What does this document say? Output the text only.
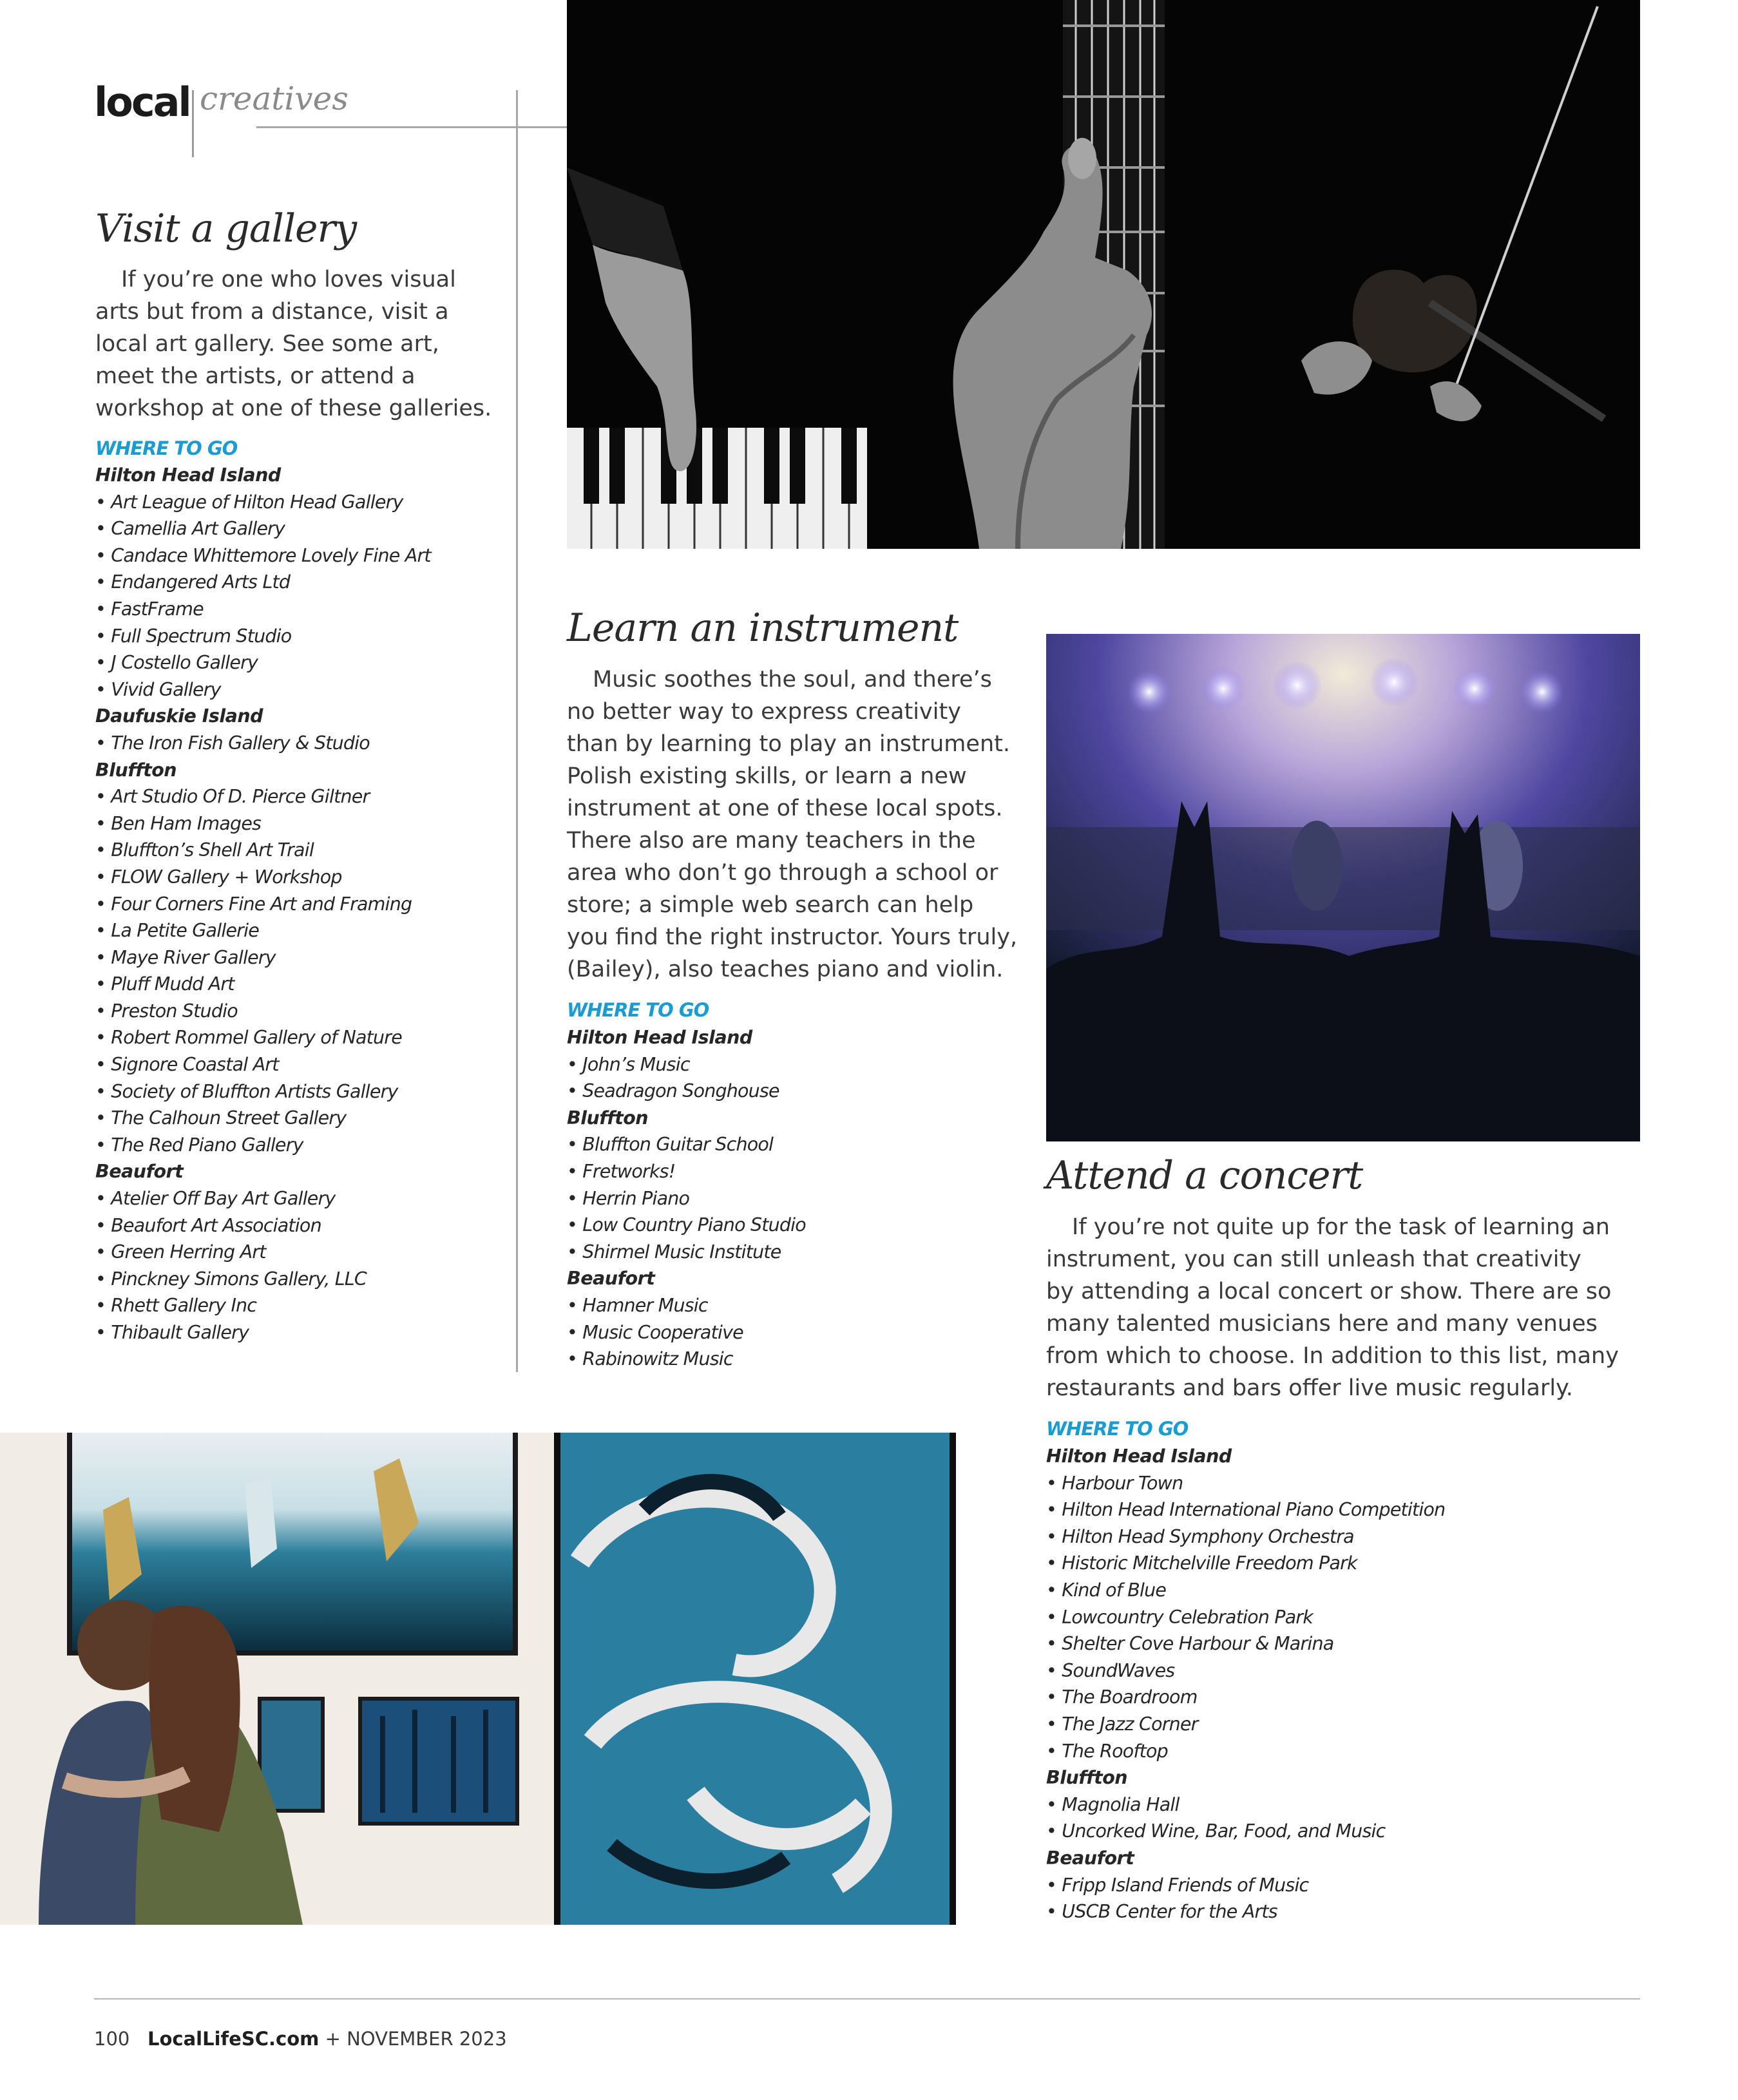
local creatives
Visit a gallery
If you’re one who loves visual
arts but from a distance, visit a
local art gallery. See some art,
meet the artists, or attend a
workshop at one of these galleries.
WHERE TO GO
Hilton Head Island
• Art League of Hilton Head Gallery
• Camellia Art Gallery
• Candace Whittemore Lovely Fine Art
• Endangered Arts Ltd
• FastFrame
• Full Spectrum Studio
• J Costello Gallery
• Vivid Gallery
Daufuskie Island
• The Iron Fish Gallery & Studio
Bluffton
• Art Studio Of D. Pierce Giltner
• Ben Ham Images
• Bluffton’s Shell Art Trail
• FLOW Gallery + Workshop
• Four Corners Fine Art and Framing
• La Petite Gallerie
• Maye River Gallery
• Pluff Mudd Art
• Preston Studio
• Robert Rommel Gallery of Nature
• Signore Coastal Art
• Society of Bluffton Artists Gallery
• The Calhoun Street Gallery
• The Red Piano Gallery
Beaufort
• Atelier Off Bay Art Gallery
• Beaufort Art Association
• Green Herring Art
• Pinckney Simons Gallery, LLC
• Rhett Gallery Inc
• Thibault Gallery
Learn an instrument
Music soothes the soul, and there’s
no better way to express creativity
than by learning to play an instrument.
Polish existing skills, or learn a new
instrument at one of these local spots.
There also are many teachers in the
area who don’t go through a school or
store; a simple web search can help
you find the right instructor. Yours truly,
(Bailey), also teaches piano and violin.
WHERE TO GO
Hilton Head Island
• John’s Music
• Seadragon Songhouse
Bluffton
• Bluffton Guitar School
• Fretworks!
• Herrin Piano
• Low Country Piano Studio
• Shirmel Music Institute
Beaufort
• Hamner Music
• Music Cooperative
• Rabinowitz Music
Attend a concert
If you’re not quite up for the task of learning an
instrument, you can still unleash that creativity
by attending a local concert or show. There are so
many talented musicians here and many venues
from which to choose. In addition to this list, many
restaurants and bars offer live music regularly.
WHERE TO GO
Hilton Head Island
• Harbour Town
• Hilton Head International Piano Competition
• Hilton Head Symphony Orchestra
• Historic Mitchelville Freedom Park
• Kind of Blue
• Lowcountry Celebration Park
• Shelter Cove Harbour & Marina
• SoundWaves
• The Boardroom
• The Jazz Corner
• The Rooftop
Bluffton
• Magnolia Hall
• Uncorked Wine, Bar, Food, and Music
Beaufort
• Fripp Island Friends of Music
• USCB Center for the Arts
100 LocalLifeSC.com + NOVEMBER 2023
